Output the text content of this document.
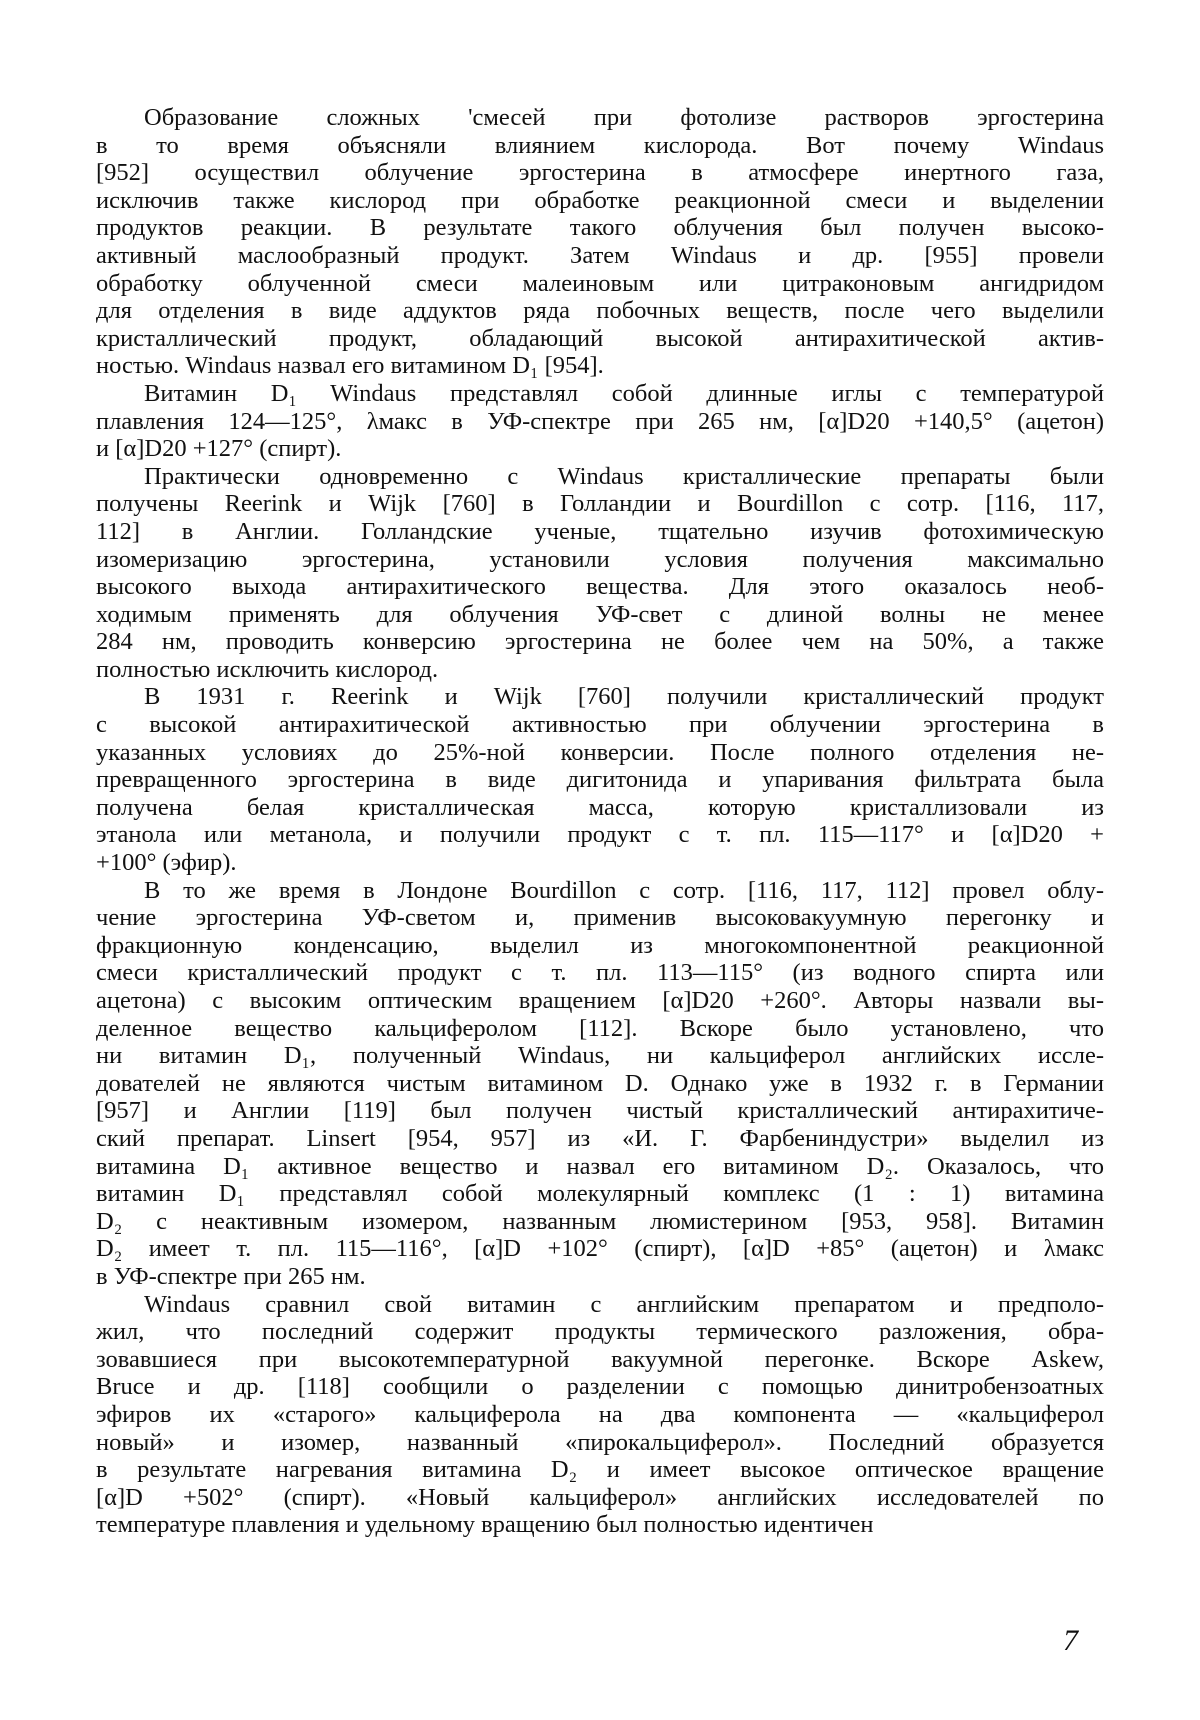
Образование сложных 'смесей при фотолизе растворов эргостерина
в то время объясняли влиянием кислорода. Вот почему Windaus
[952] осуществил облучение эргостерина в атмосфере инертного газа,
исключив также кислород при обработке реакционной смеси и выделении
продуктов реакции. В результате такого облучения был получен высоко-
активный маслообразный продукт. Затем Windaus и др. [955] провели
обработку облученной смеси малеиновым или цитраконовым ангидридом
для отделения в виде аддуктов ряда побочных веществ, после чего выделили
кристаллический продукт, обладающий высокой антирахитической актив-
ностью. Windaus назвал его витамином D₁ [954].
Витамин D₁ Windaus представлял собой длинные иглы с температурой
плавления 124—125°, λмакс в УФ-спектре при 265 нм, [α]D20 +140,5° (ацетон)
и [α]D20 +127° (спирт).
Практически одновременно с Windaus кристаллические препараты были
получены Reerink и Wijk [760] в Голландии и Bourdillon с сотр. [116, 117,
112] в Англии. Голландские ученые, тщательно изучив фотохимическую
изомеризацию эргостерина, установили условия получения максимально
высокого выхода антирахитического вещества. Для этого оказалось необ-
ходимым применять для облучения УФ-свет с длиной волны не менее
284 нм, проводить конверсию эргостерина не более чем на 50%, а также
полностью исключить кислород.
В 1931 г. Reerink и Wijk [760] получили кристаллический продукт
с высокой антирахитической активностью при облучении эргостерина в
указанных условиях до 25%-ной конверсии. После полного отделения не-
превращенного эргостерина в виде дигитонида и упаривания фильтрата была
получена белая кристаллическая масса, которую кристаллизовали из
этанола или метанола, и получили продукт с т. пл. 115—117° и [α]D20 +
+100° (эфир).
В то же время в Лондоне Bourdillon с сотр. [116, 117, 112] провел облу-
чение эргостерина УФ-светом и, применив высоковакуумную перегонку и
фракционную конденсацию, выделил из многокомпонентной реакционной
смеси кристаллический продукт с т. пл. 113—115° (из водного спирта или
ацетона) с высоким оптическим вращением [α]D20 +260°. Авторы назвали вы-
деленное вещество кальциферолом [112]. Вскоре было установлено, что
ни витамин D₁, полученный Windaus, ни кальциферол английских иссле-
дователей не являются чистым витамином D. Однако уже в 1932 г. в Германии
[957] и Англии [119] был получен чистый кристаллический антирахитиче-
ский препарат. Linsert [954, 957] из «И. Г. Фарбениндустри» выделил из
витамина D₁ активное вещество и назвал его витамином D₂. Оказалось, что
витамин D₁ представлял собой молекулярный комплекс (1 : 1) витамина
D₂ с неактивным изомером, названным люмистерином [953, 958]. Витамин
D₂ имеет т. пл. 115—116°, [α]D +102° (спирт), [α]D +85° (ацетон) и λмакс
в УФ-спектре при 265 нм.
Windaus сравнил свой витамин с английским препаратом и предполо-
жил, что последний содержит продукты термического разложения, обра-
зовавшиеся при высокотемпературной вакуумной перегонке. Вскоре Askew,
Bruce и др. [118] сообщили о разделении с помощью динитробензоатных
эфиров их «старого» кальциферола на два компонента — «кальциферол
новый» и изомер, названный «пирокальциферол». Последний образуется
в результате нагревания витамина D₂ и имеет высокое оптическое вращение
[α]D +502° (спирт). «Новый кальциферол» английских исследователей по
температуре плавления и удельному вращению был полностью идентичен
7
